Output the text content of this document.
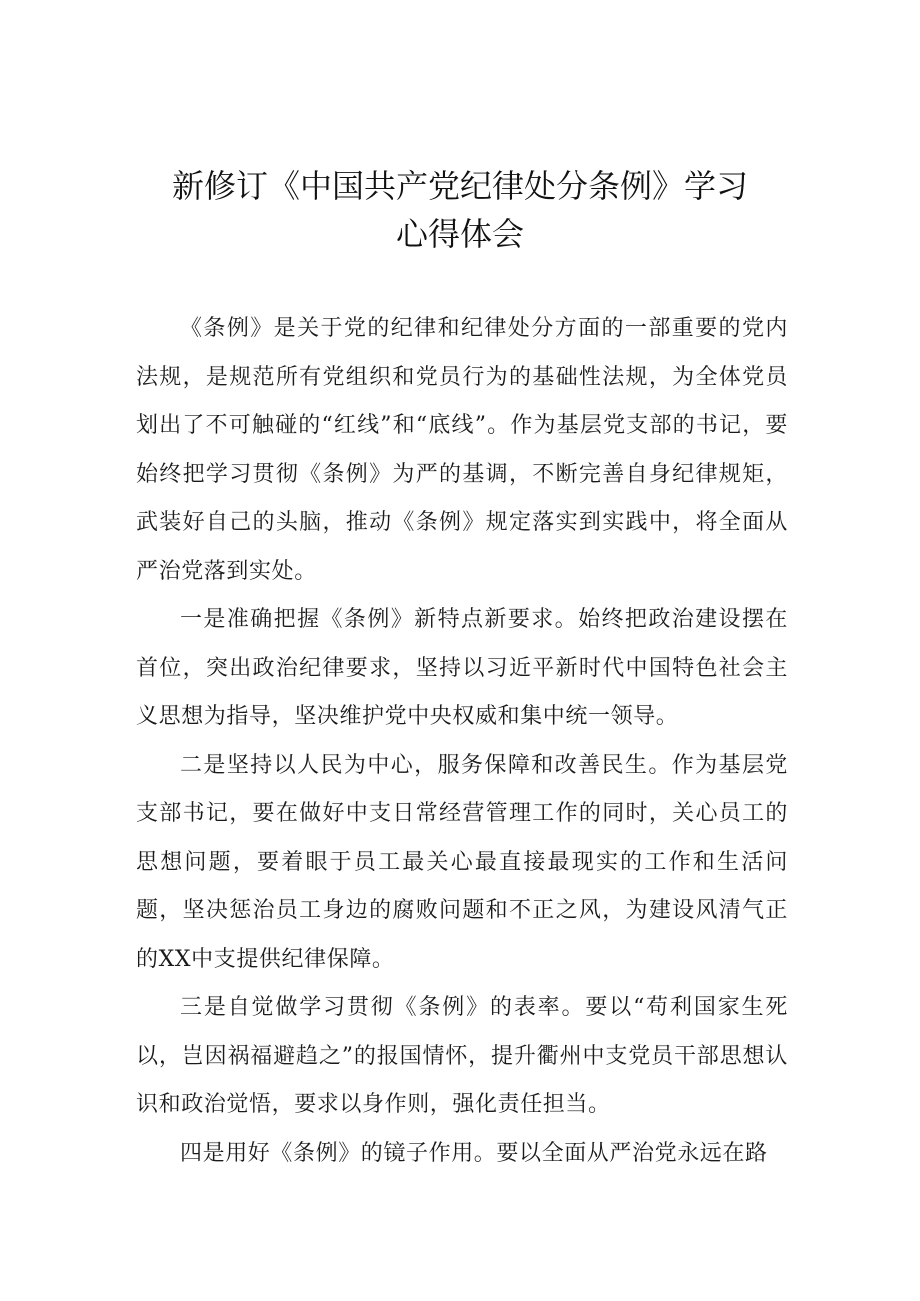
新修订《中国共产党纪律处分条例》学习
心得体会

《条例》是关于党的纪律和纪律处分方面的一部重要的党内法规，是规范所有党组织和党员行为的基础性法规，为全体党员划出了不可触碰的“红线”和“底线”。作为基层党支部的书记，要始终把学习贯彻《条例》为严的基调，不断完善自身纪律规矩，武装好自己的头脑，推动《条例》规定落实到实践中，将全面从严治党落到实处。

一是准确把握《条例》新特点新要求。始终把政治建设摆在首位，突出政治纪律要求，坚持以习近平新时代中国特色社会主义思想为指导，坚决维护党中央权威和集中统一领导。

二是坚持以人民为中心，服务保障和改善民生。作为基层党支部书记，要在做好中支日常经营管理工作的同时，关心员工的思想问题，要着眼于员工最关心最直接最现实的工作和生活问题，坚决惩治员工身边的腐败问题和不正之风，为建设风清气正的XX中支提供纪律保障。

三是自觉做学习贯彻《条例》的表率。要以“苟利国家生死以，岂因祸福避趋之”的报国情怀，提升衢州中支党员干部思想认识和政治觉悟，要求以身作则，强化责任担当。

四是用好《条例》的镜子作用。要以全面从严治党永远在路
